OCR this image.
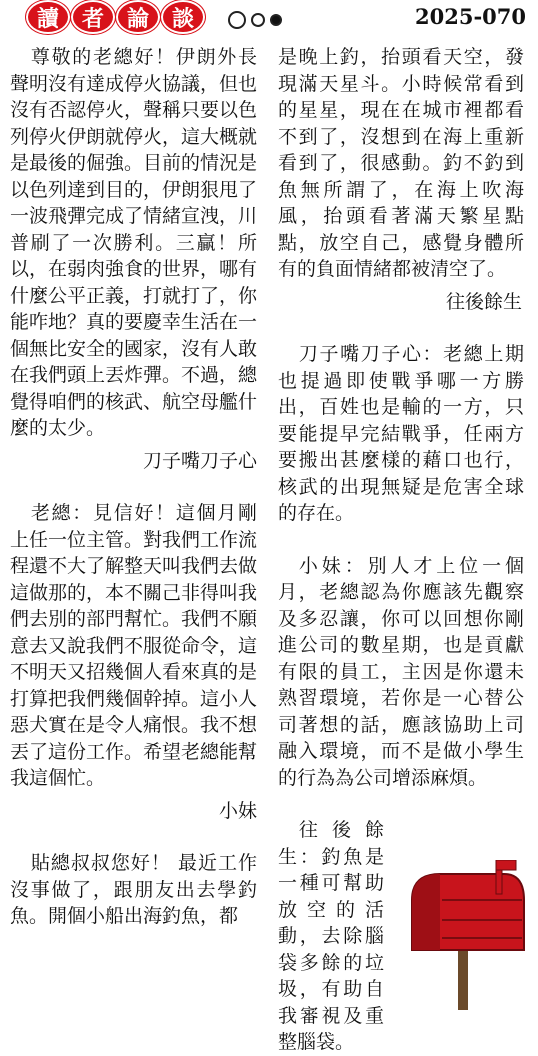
讀	者	論	談	2025-070

尊敬的老總好！伊朗外長聲明沒有達成停火協議，但也沒有否認停火，聲稱只要以色列停火伊朗就停火，這大概就是最後的倔強。目前的情況是以色列達到目的，伊朗狠甩了一波飛彈完成了情緒宣洩，川普刷了一次勝利。三贏！所以，在弱肉強食的世界，哪有什麼公平正義，打就打了，你能咋地？真的要慶幸生活在一個無比安全的國家，沒有人敢在我們頭上丟炸彈。不過，總覺得咱們的核武、航空母艦什麼的太少。

刀子嘴刀子心

老總：見信好！這個月剛上任一位主管。對我們工作流程還不大了解整天叫我們去做這做那的，本不關己非得叫我們去別的部門幫忙。我們不願意去又說我們不服從命令，這不明天又招幾個人看來真的是打算把我們幾個幹掉。這小人惡犬實在是令人痛恨。我不想丟了這份工作。希望老總能幫我這個忙。

小妹

貼總叔叔您好！ 最近工作沒事做了，跟朋友出去學釣魚。開個小船出海釣魚，都

是晚上釣，抬頭看天空，發現滿天星斗。小時候常看到的星星，現在在城市裡都看不到了，沒想到在海上重新看到了，很感動。釣不釣到魚無所謂了，在海上吹海風，抬頭看著滿天繁星點點，放空自己，感覺身體所有的負面情緒都被清空了。

往後餘生

刀子嘴刀子心：老總上期也提過即使戰爭哪一方勝出，百姓也是輸的一方，只要能提早完結戰爭，任兩方要搬出甚麼樣的藉口也行，核武的出現無疑是危害全球的存在。

小妹：別人才上位一個月，老總認為你應該先觀察及多忍讓，你可以回想你剛進公司的數星期，也是貢獻有限的員工，主因是你還未熟習環境，若你是一心替公司著想的話，應該協助上司融入環境，而不是做小學生的行為為公司增添麻煩。

往後餘生：釣魚是一種可幫助放空的活動，去除腦袋多餘的垃圾，有助自我審視及重整腦袋。
